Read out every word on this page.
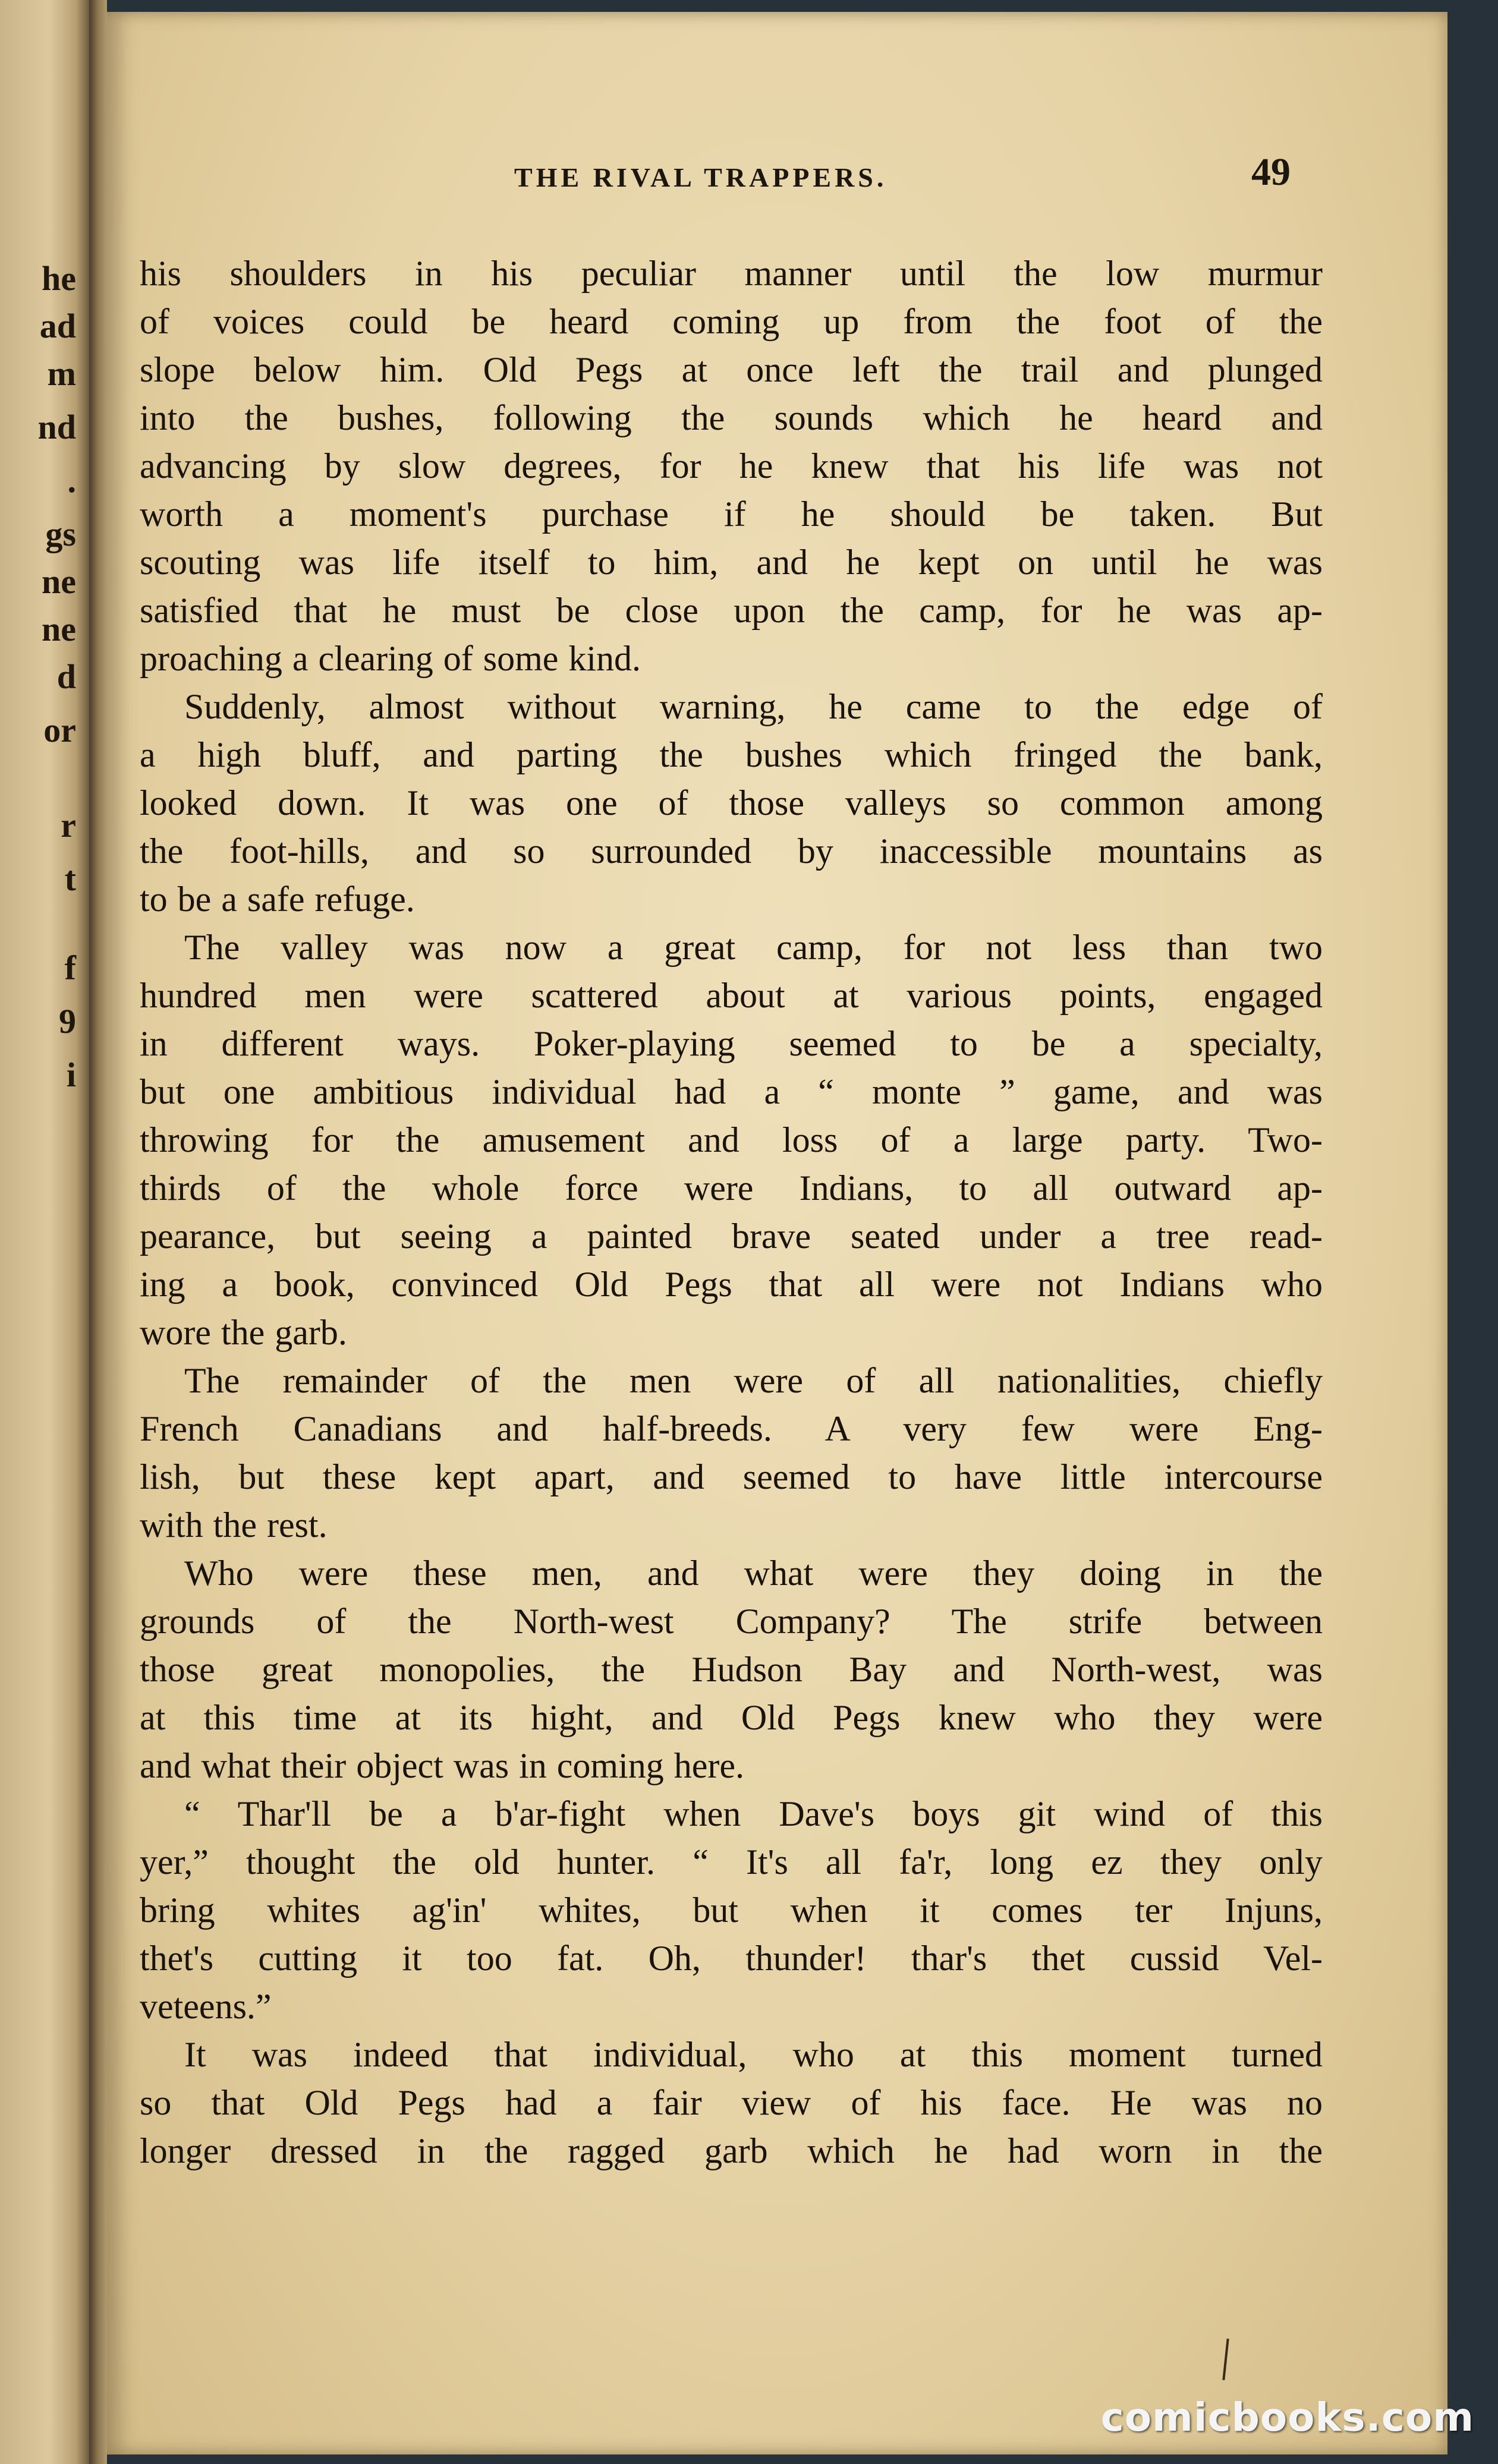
he
ad
m
nd
.
gs
ne
ne
d
or
r
t
f
9
i
THE RIVAL TRAPPERS.	49
his shoulders in his peculiar manner until the low murmur
of voices could be heard coming up from the foot of the
slope below him. Old Pegs at once left the trail and plunged
into the bushes, following the sounds which he heard and
advancing by slow degrees, for he knew that his life was not
worth a moment's purchase if he should be taken. But
scouting was life itself to him, and he kept on until he was
satisfied that he must be close upon the camp, for he was ap-
proaching a clearing of some kind.
Suddenly, almost without warning, he came to the edge of
a high bluff, and parting the bushes which fringed the bank,
looked down. It was one of those valleys so common among
the foot-hills, and so surrounded by inaccessible mountains as
to be a safe refuge.
The valley was now a great camp, for not less than two
hundred men were scattered about at various points, engaged
in different ways. Poker-playing seemed to be a specialty,
but one ambitious individual had a “ monte ” game, and was
throwing for the amusement and loss of a large party. Two-
thirds of the whole force were Indians, to all outward ap-
pearance, but seeing a painted brave seated under a tree read-
ing a book, convinced Old Pegs that all were not Indians who
wore the garb.
The remainder of the men were of all nationalities, chiefly
French Canadians and half-breeds. A very few were Eng-
lish, but these kept apart, and seemed to have little intercourse
with the rest.
Who were these men, and what were they doing in the
grounds of the North-west Company? The strife between
those great monopolies, the Hudson Bay and North-west, was
at this time at its hight, and Old Pegs knew who they were
and what their object was in coming here.
“ Thar'll be a b'ar-fight when Dave's boys git wind of this
yer,” thought the old hunter. “ It's all fa'r, long ez they only
bring whites ag'in' whites, but when it comes ter Injuns,
thet's cutting it too fat. Oh, thunder! thar's thet cussid Vel-
veteens.”
It was indeed that individual, who at this moment turned
so that Old Pegs had a fair view of his face. He was no
longer dressed in the ragged garb which he had worn in the
comicbooks.com
